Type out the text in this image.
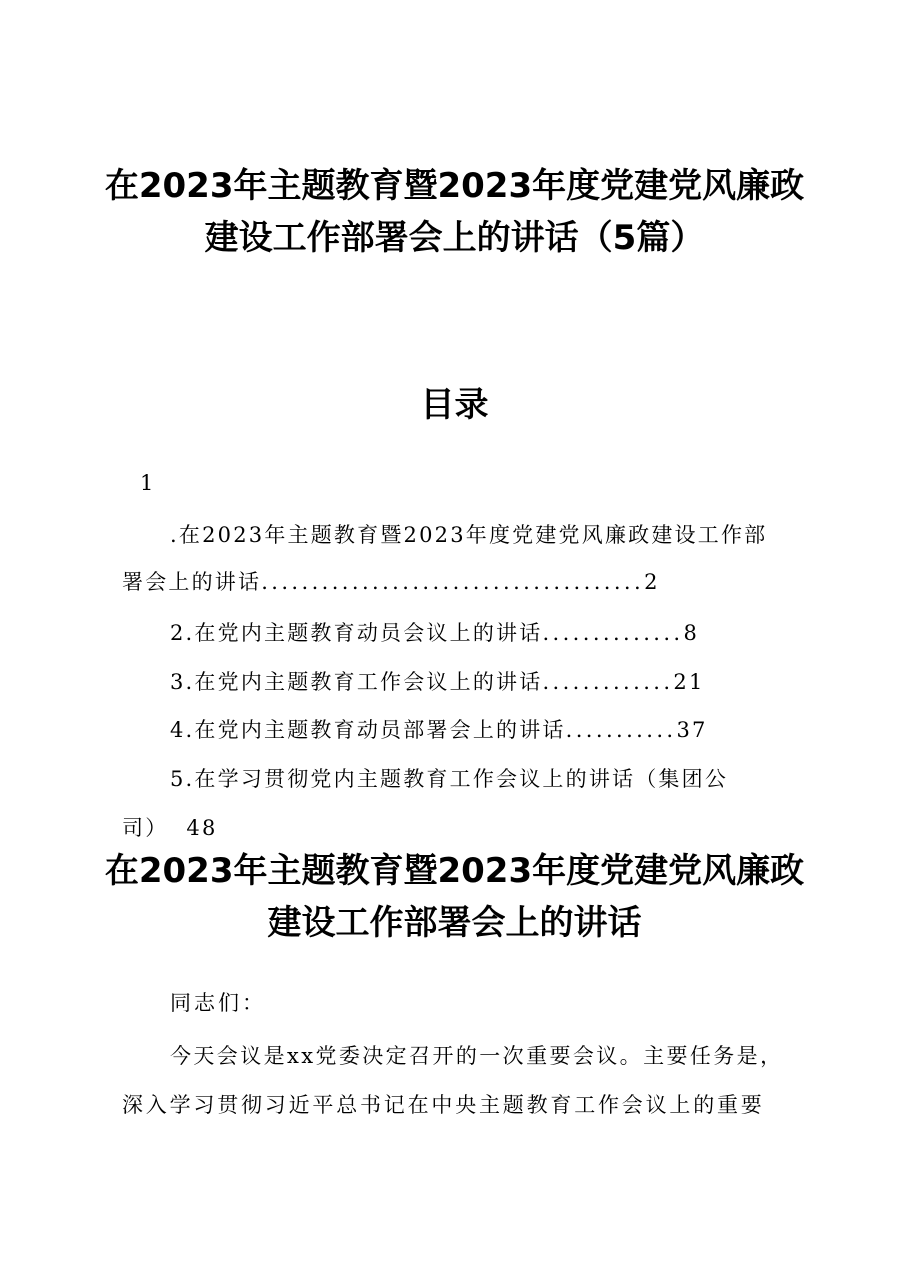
在2023年主题教育暨2023年度党建党风廉政
建设工作部署会上的讲话（5篇）
目录
1
.在2023年主题教育暨2023年度党建党风廉政建设工作部
署会上的讲话......................................2
2.在党内主题教育动员会议上的讲话..............8
3.在党内主题教育工作会议上的讲话.............21
4.在党内主题教育动员部署会上的讲话...........37
5.在学习贯彻党内主题教育工作会议上的讲话（集团公
司） 48
在2023年主题教育暨2023年度党建党风廉政
建设工作部署会上的讲话
同志们：
今天会议是xx党委决定召开的一次重要会议。主要任务是，
深入学习贯彻习近平总书记在中央主题教育工作会议上的重要
